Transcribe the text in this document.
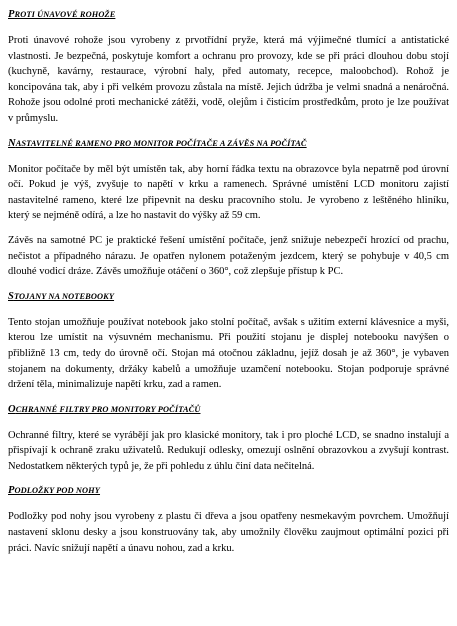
PROTI ÚNAVOVÉ ROHOŽE

Proti únavové rohože jsou vyrobeny z prvotřídní pryže, která má výjimečné tlumící a antistatické vlastnosti. Je bezpečná, poskytuje komfort a ochranu pro provozy, kde se při práci dlouhou dobu stojí (kuchyně, kavárny, restaurace, výrobní haly, před automaty, recepce, maloobchod). Rohož je koncipována tak, aby i při velkém provozu zůstala na místě. Jejich údržba je velmi snadná a nenáročná. Rohože jsou odolné proti mechanické zátěži, vodě, olejům i čisticím prostředkům, proto je lze používat v průmyslu.

NASTAVITELNÉ RAMENO PRO MONITOR POČÍTAČE A ZÁVĚS NA POČÍTAČ

Monitor počítače by měl být umístěn tak, aby horní řádka textu na obrazovce byla nepatrně pod úrovní očí. Pokud je výš, zvyšuje to napětí v krku a ramenech. Správné umístění LCD monitoru zajistí nastavitelné rameno, které lze připevnit na desku pracovního stolu. Je vyrobeno z leštěného hliníku, který se nejméně odírá, a lze ho nastavit do výšky až 59 cm.

Závěs na samotné PC je praktické řešení umístění počítače, jenž snižuje nebezpečí hrozící od prachu, nečistot a případného nárazu. Je opatřen nylonem potaženým jezdcem, který se pohybuje v 40,5 cm dlouhé vodicí dráze. Závěs umožňuje otáčení o 360°, což zlepšuje přístup k PC.

STOJANY NA NOTEBOOKY

Tento stojan umožňuje používat notebook jako stolní počítač, avšak s užitím externí klávesnice a myši, kterou lze umístit na výsuvném mechanismu. Při použití stojanu je displej notebooku navýšen o přibližně 13 cm, tedy do úrovně očí. Stojan má otočnou základnu, jejíž dosah je až 360°, je vybaven stojanem na dokumenty, držáky kabelů a umožňuje uzamčení notebooku. Stojan podporuje správné držení těla, minimalizuje napětí krku, zad a ramen.

OCHRANNÉ FILTRY PRO MONITORY POČÍTAČŮ

Ochranné filtry, které se vyrábějí jak pro klasické monitory, tak i pro ploché LCD, se snadno instalují a přispívají k ochraně zraku uživatelů. Redukují odlesky, omezují oslnění obrazovkou a zvyšují kontrast. Nedostatkem některých typů je, že při pohledu z úhlu činí data nečitelná.

PODLOŽKY POD NOHY

Podložky pod nohy jsou vyrobeny z plastu či dřeva a jsou opatřeny nesmekavým povrchem. Umožňují nastavení sklonu desky a jsou konstruovány tak, aby umožnily člověku zaujmout optimální pozici při práci. Navíc snižují napětí a únavu nohou, zad a krku.
